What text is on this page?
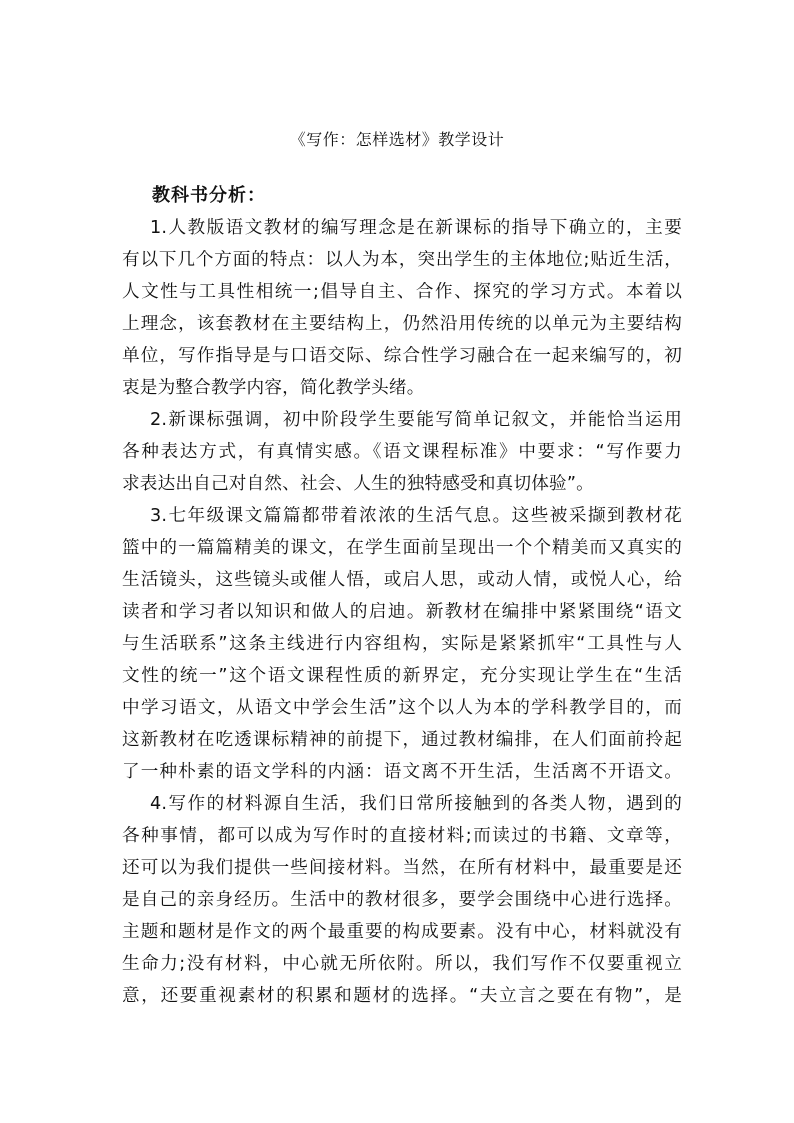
《写作：怎样选材》教学设计
教科书分析：
1.人教版语文教材的编写理念是在新课标的指导下确立的，主要
有以下几个方面的特点：以人为本，突出学生的主体地位;贴近生活，
人文性与工具性相统一;倡导自主、合作、探究的学习方式。本着以
上理念，该套教材在主要结构上，仍然沿用传统的以单元为主要结构
单位，写作指导是与口语交际、综合性学习融合在一起来编写的，初
衷是为整合教学内容，简化教学头绪。
2.新课标强调，初中阶段学生要能写简单记叙文，并能恰当运用
各种表达方式，有真情实感。《语文课程标准》中要求：“写作要力
求表达出自己对自然、社会、人生的独特感受和真切体验”。
3.七年级课文篇篇都带着浓浓的生活气息。这些被采撷到教材花
篮中的一篇篇精美的课文，在学生面前呈现出一个个精美而又真实的
生活镜头，这些镜头或催人悟，或启人思，或动人情，或悦人心，给
读者和学习者以知识和做人的启迪。新教材在编排中紧紧围绕“语文
与生活联系”这条主线进行内容组构，实际是紧紧抓牢“工具性与人
文性的统一”这个语文课程性质的新界定，充分实现让学生在“生活
中学习语文，从语文中学会生活”这个以人为本的学科教学目的，而
这新教材在吃透课标精神的前提下，通过教材编排，在人们面前拎起
了一种朴素的语文学科的内涵：语文离不开生活，生活离不开语文。
4.写作的材料源自生活，我们日常所接触到的各类人物，遇到的
各种事情，都可以成为写作时的直接材料;而读过的书籍、文章等，
还可以为我们提供一些间接材料。当然，在所有材料中，最重要是还
是自己的亲身经历。生活中的教材很多，要学会围绕中心进行选择。
主题和题材是作文的两个最重要的构成要素。没有中心，材料就没有
生命力;没有材料，中心就无所依附。所以，我们写作不仅要重视立
意，还要重视素材的积累和题材的选择。“夫立言之要在有物”，是
